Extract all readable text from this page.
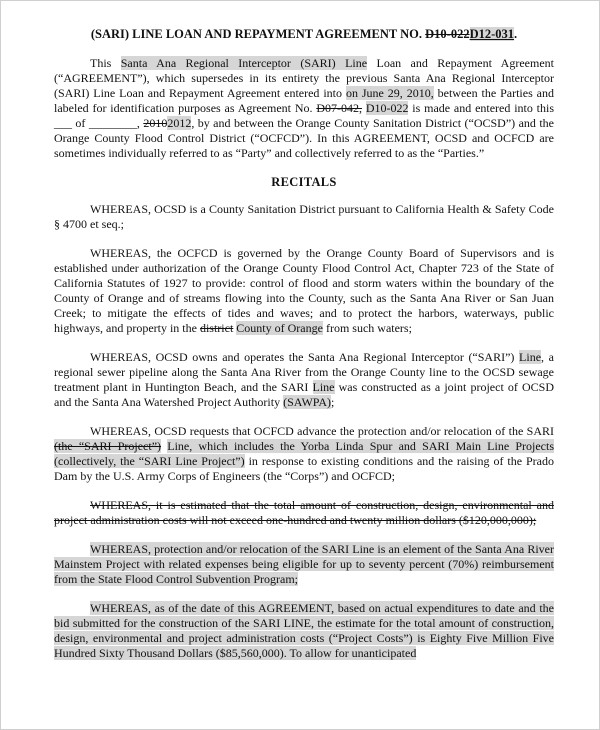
(SARI) LINE LOAN AND REPAYMENT AGREEMENT NO. D10-022D12-031.

This Santa Ana Regional Interceptor (SARI) Line Loan and Repayment Agreement (“AGREEMENT”), which supersedes in its entirety the previous Santa Ana Regional Interceptor (SARI) Line Loan and Repayment Agreement entered into on June 29, 2010, between the Parties and labeled for identification purposes as Agreement No. D07-042, D10-022 is made and entered into this ___ of ________, 20102012, by and between the Orange County Sanitation District (“OCSD”) and the Orange County Flood Control District (“OCFCD”). In this AGREEMENT, OCSD and OCFCD are sometimes individually referred to as “Party” and collectively referred to as the “Parties.”

RECITALS

WHEREAS, OCSD is a County Sanitation District pursuant to California Health & Safety Code § 4700 et seq.;

WHEREAS, the OCFCD is governed by the Orange County Board of Supervisors and is established under authorization of the Orange County Flood Control Act, Chapter 723 of the State of California Statutes of 1927 to provide: control of flood and storm waters within the boundary of the County of Orange and of streams flowing into the County, such as the Santa Ana River or San Juan Creek; to mitigate the effects of tides and waves; and to protect the harbors, waterways, public highways, and property in the district County of Orange from such waters;

WHEREAS, OCSD owns and operates the Santa Ana Regional Interceptor (“SARI”) Line, a regional sewer pipeline along the Santa Ana River from the Orange County line to the OCSD sewage treatment plant in Huntington Beach, and the SARI Line was constructed as a joint project of OCSD and the Santa Ana Watershed Project Authority (SAWPA);

WHEREAS, OCSD requests that OCFCD advance the protection and/or relocation of the SARI (the “SARI Project”) Line, which includes the Yorba Linda Spur and SARI Main Line Projects (collectively, the “SARI Line Project”) in response to existing conditions and the raising of the Prado Dam by the U.S. Army Corps of Engineers (the “Corps”) and OCFCD;

WHEREAS, it is estimated that the total amount of construction, design, environmental and project administration costs will not exceed one-hundred and twenty million dollars ($120,000,000);

WHEREAS, protection and/or relocation of the SARI Line is an element of the Santa Ana River Mainstem Project with related expenses being eligible for up to seventy percent (70%) reimbursement from the State Flood Control Subvention Program;

WHEREAS, as of the date of this AGREEMENT, based on actual expenditures to date and the bid submitted for the construction of the SARI LINE, the estimate for the total amount of construction, design, environmental and project administration costs (“Project Costs”) is Eighty Five Million Five Hundred Sixty Thousand Dollars ($85,560,000). To allow for unanticipated
